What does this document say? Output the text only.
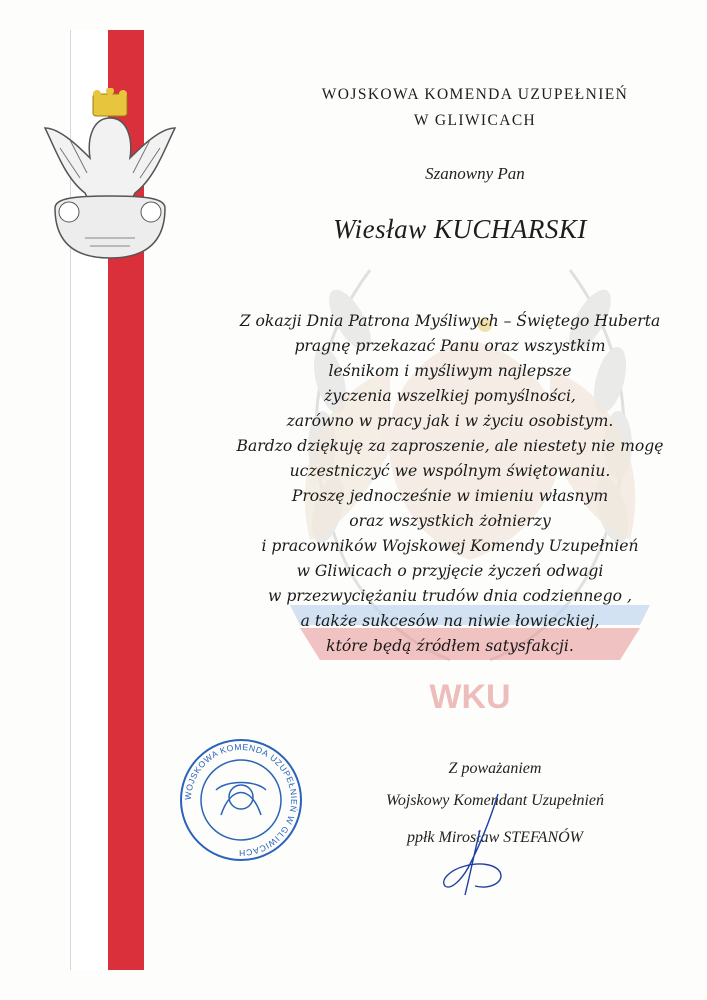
WKU
WOJSKOWA KOMENDA UZUPEŁNIEŃ
W GLIWICACH
Szanowny Pan
Wiesław KUCHARSKI
Z okazji Dnia Patrona Myśliwych – Świętego Huberta
pragnę przekazać Panu oraz wszystkim
leśnikom i myśliwym najlepsze
życzenia wszelkiej pomyślności,
zarówno w pracy jak i w życiu osobistym.
Bardzo dziękuję za zaproszenie, ale niestety nie mogę
uczestniczyć we wspólnym świętowaniu.
Proszę jednocześnie w imieniu własnym
oraz wszystkich żołnierzy
i pracowników Wojskowej Komendy Uzupełnień
w Gliwicach o przyjęcie życzeń odwagi
w przezwyciężaniu trudów dnia codziennego ,
a także sukcesów na niwie łowieckiej,
które będą źródłem satysfakcji.
WOJSKOWA KOMENDA UZUPEŁNIEŃ W GLIWICACH
Z poważaniem
Wojskowy Komendant Uzupełnień
ppłk Mirosław STEFANÓW
